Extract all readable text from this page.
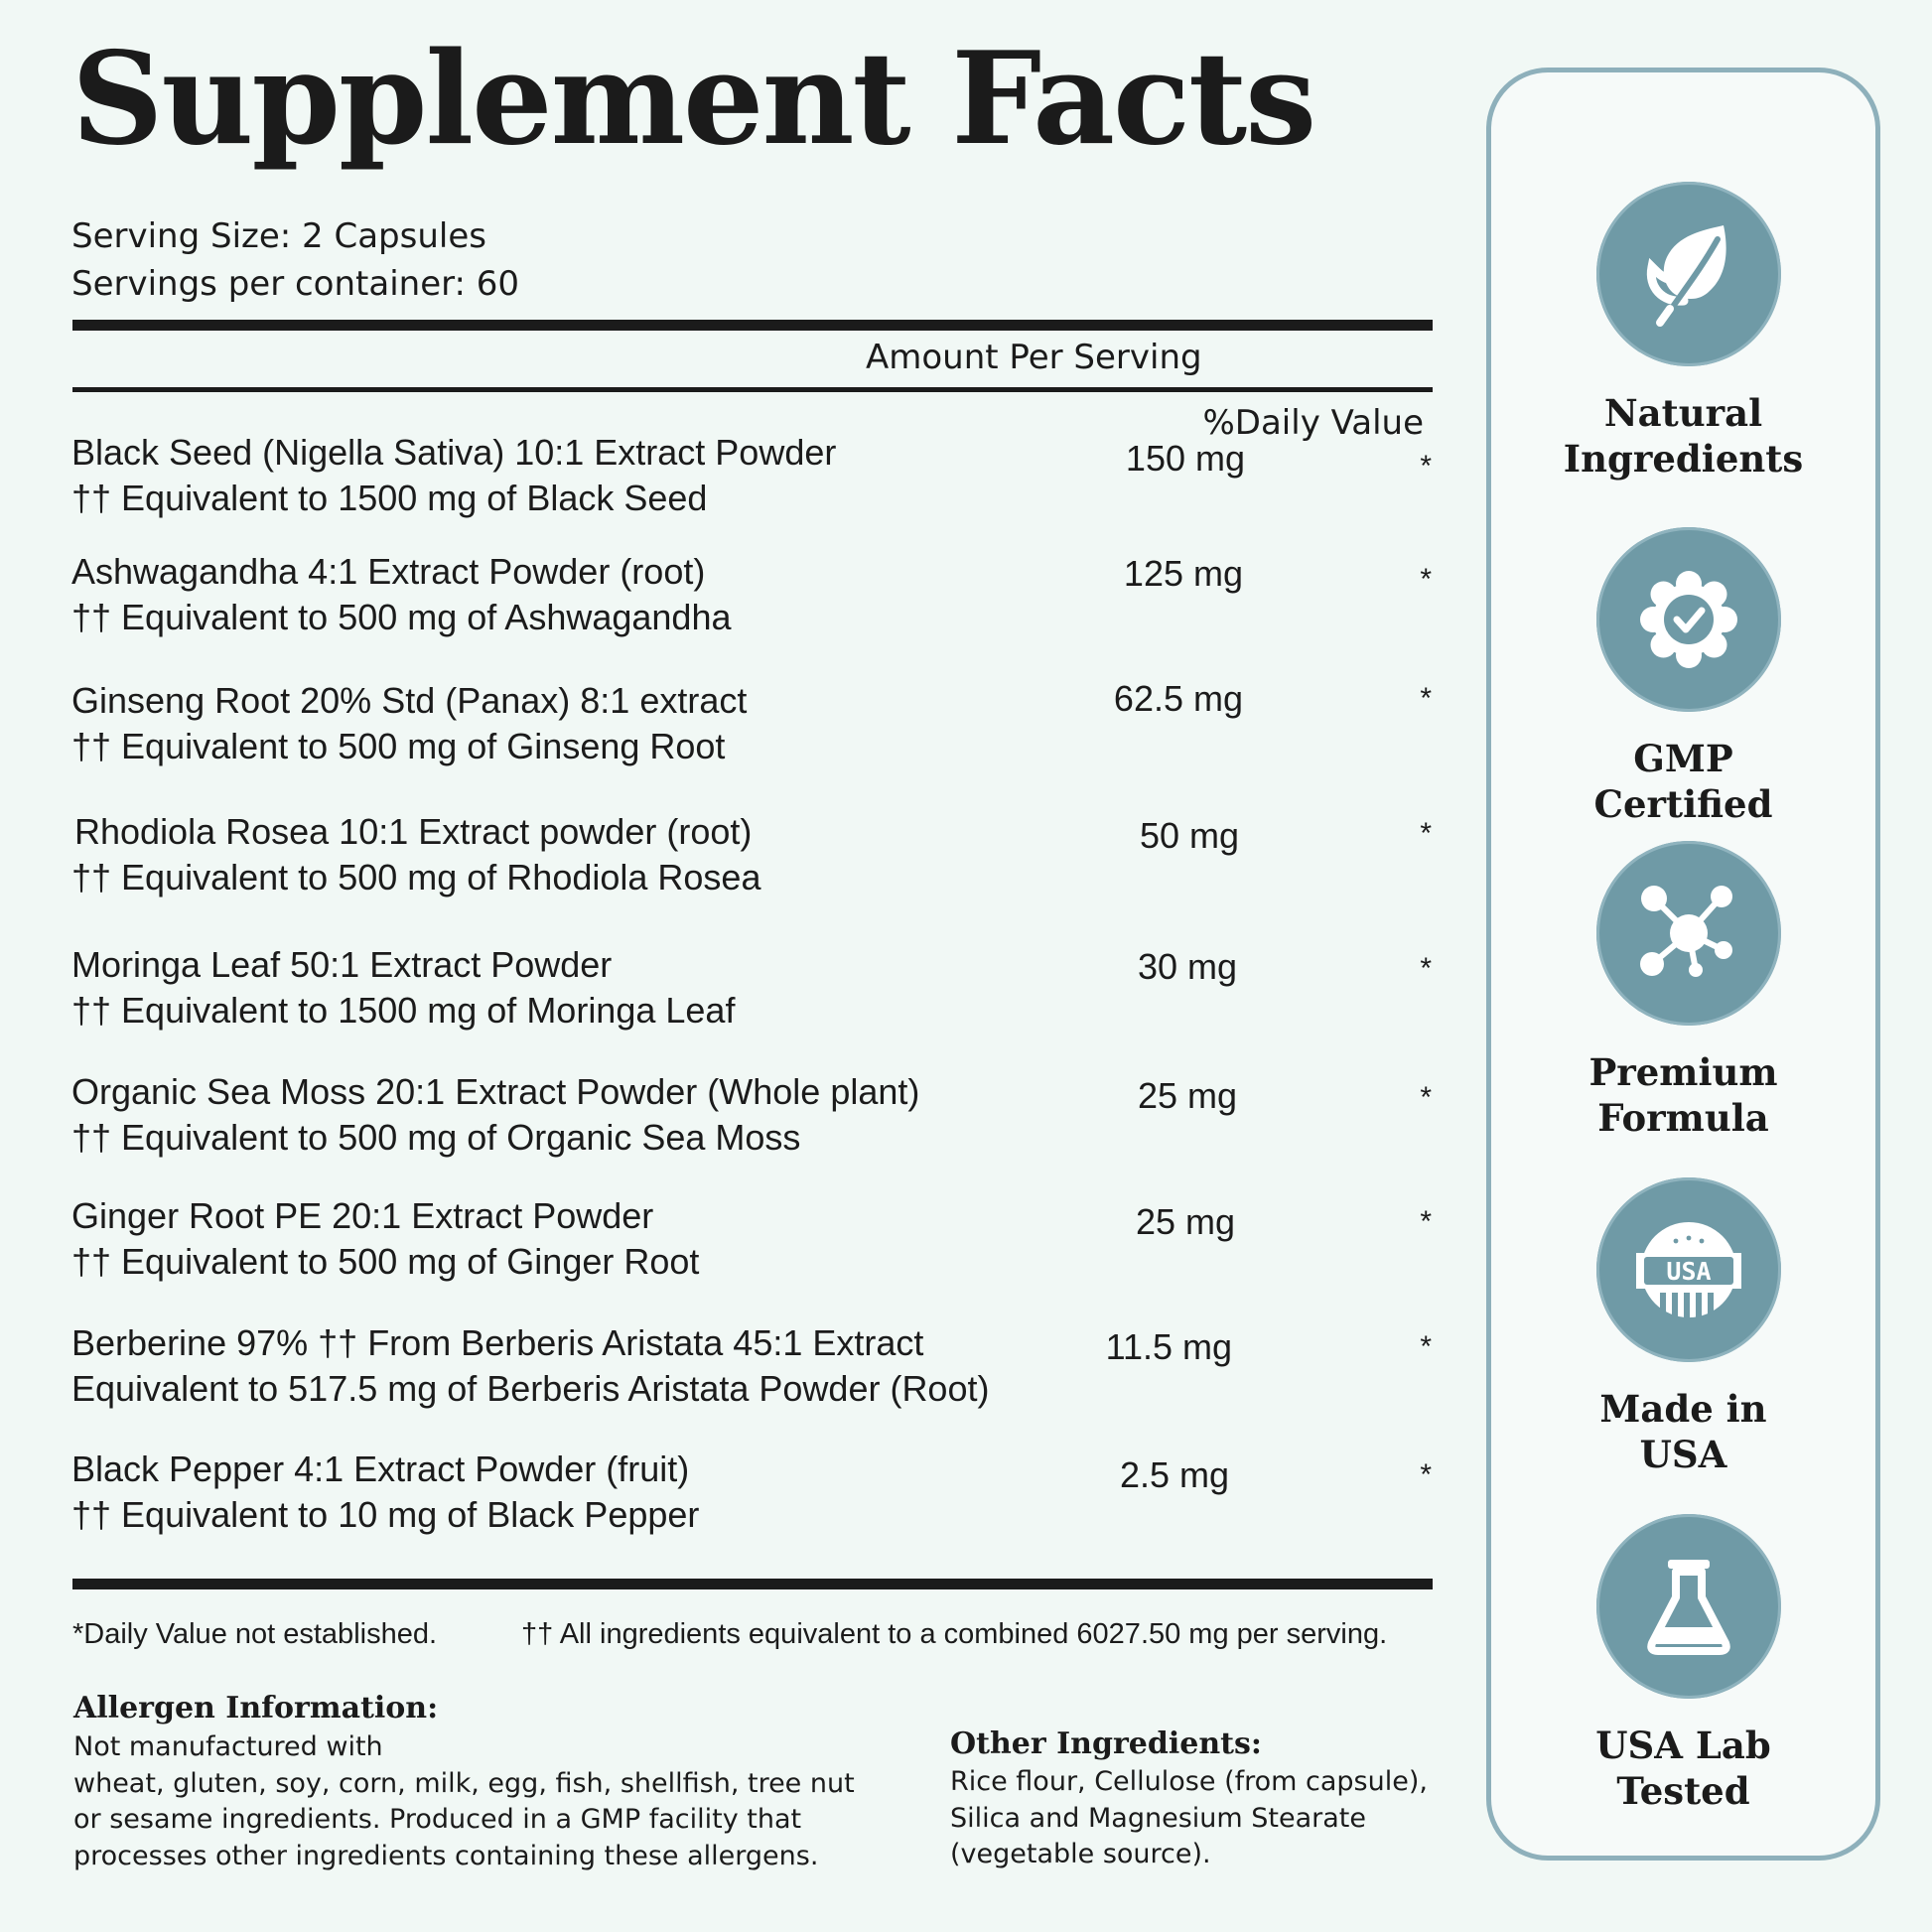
Supplement Facts
Serving Size: 2 Capsules
Servings per container: 60
Amount Per Serving
%Daily Value
Black Seed (Nigella Sativa) 10:1 Extract Powder
†† Equivalent to 1500 mg of Black Seed
150 mg	*
Ashwagandha 4:1 Extract Powder (root)
†† Equivalent to 500 mg of Ashwagandha
125 mg	*
Ginseng Root 20% Std (Panax) 8:1 extract
†† Equivalent to 500 mg of Ginseng Root
62.5 mg	*
Rhodiola Rosea 10:1 Extract powder (root)
†† Equivalent to 500 mg of Rhodiola Rosea
50 mg	*
Moringa Leaf 50:1 Extract Powder
†† Equivalent to 1500 mg of Moringa Leaf
30 mg	*
Organic Sea Moss 20:1 Extract Powder (Whole plant)
†† Equivalent to 500 mg of Organic Sea Moss
25 mg	*
Ginger Root PE 20:1 Extract Powder
†† Equivalent to 500 mg of Ginger Root
25 mg	*
Berberine 97% †† From Berberis Aristata 45:1 Extract
Equivalent to 517.5 mg of Berberis Aristata Powder (Root)
11.5 mg	*
Black Pepper 4:1 Extract Powder (fruit)
†† Equivalent to 10 mg of Black Pepper
2.5 mg	*
*Daily Value not established.	†† All ingredients equivalent to a combined 6027.50 mg per serving.
Allergen Information:
Not manufactured with
wheat, gluten, soy, corn, milk, egg, fish, shellfish, tree nut
or sesame ingredients. Produced in a GMP facility that
processes other ingredients containing these allergens.
Other Ingredients:
Rice flour, Cellulose (from capsule),
Silica and Magnesium Stearate
(vegetable source).
Natural
Ingredients
GMP
Certified
Premium
Formula
USA
Made in
USA
USA Lab
Tested
